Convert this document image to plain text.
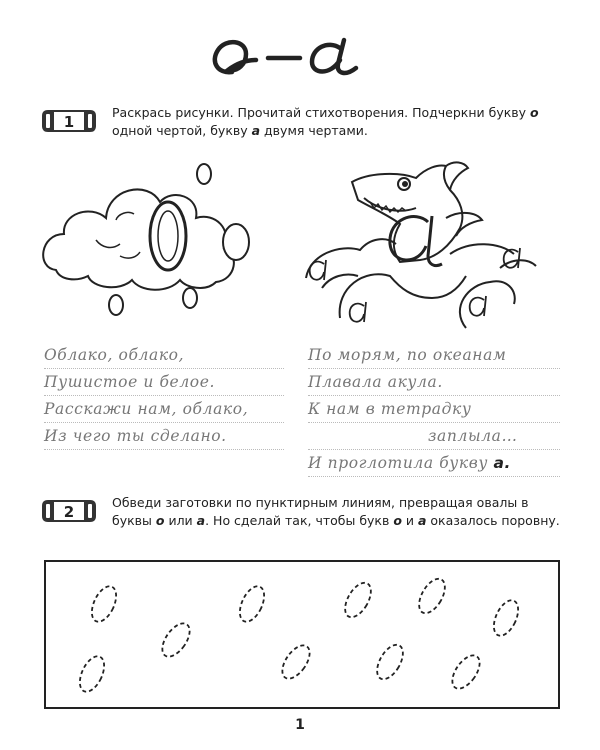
1
Раскрась рисунки. Прочитай стихотворения. Подчеркни букву о одной чертой, букву а двумя чертами.
Облако, облако,
Пушистое и белое.
Расскажи нам, облако,
Из чего ты сделано.
По морям, по океанам
Плавала акула.
К нам в тетрадку
заплыла…
И проглотила букву а.
2
Обведи заготовки по пунктирным линиям, превращая овалы в буквы о или а. Но сделай так, чтобы букв о и а оказалось поровну.
1
